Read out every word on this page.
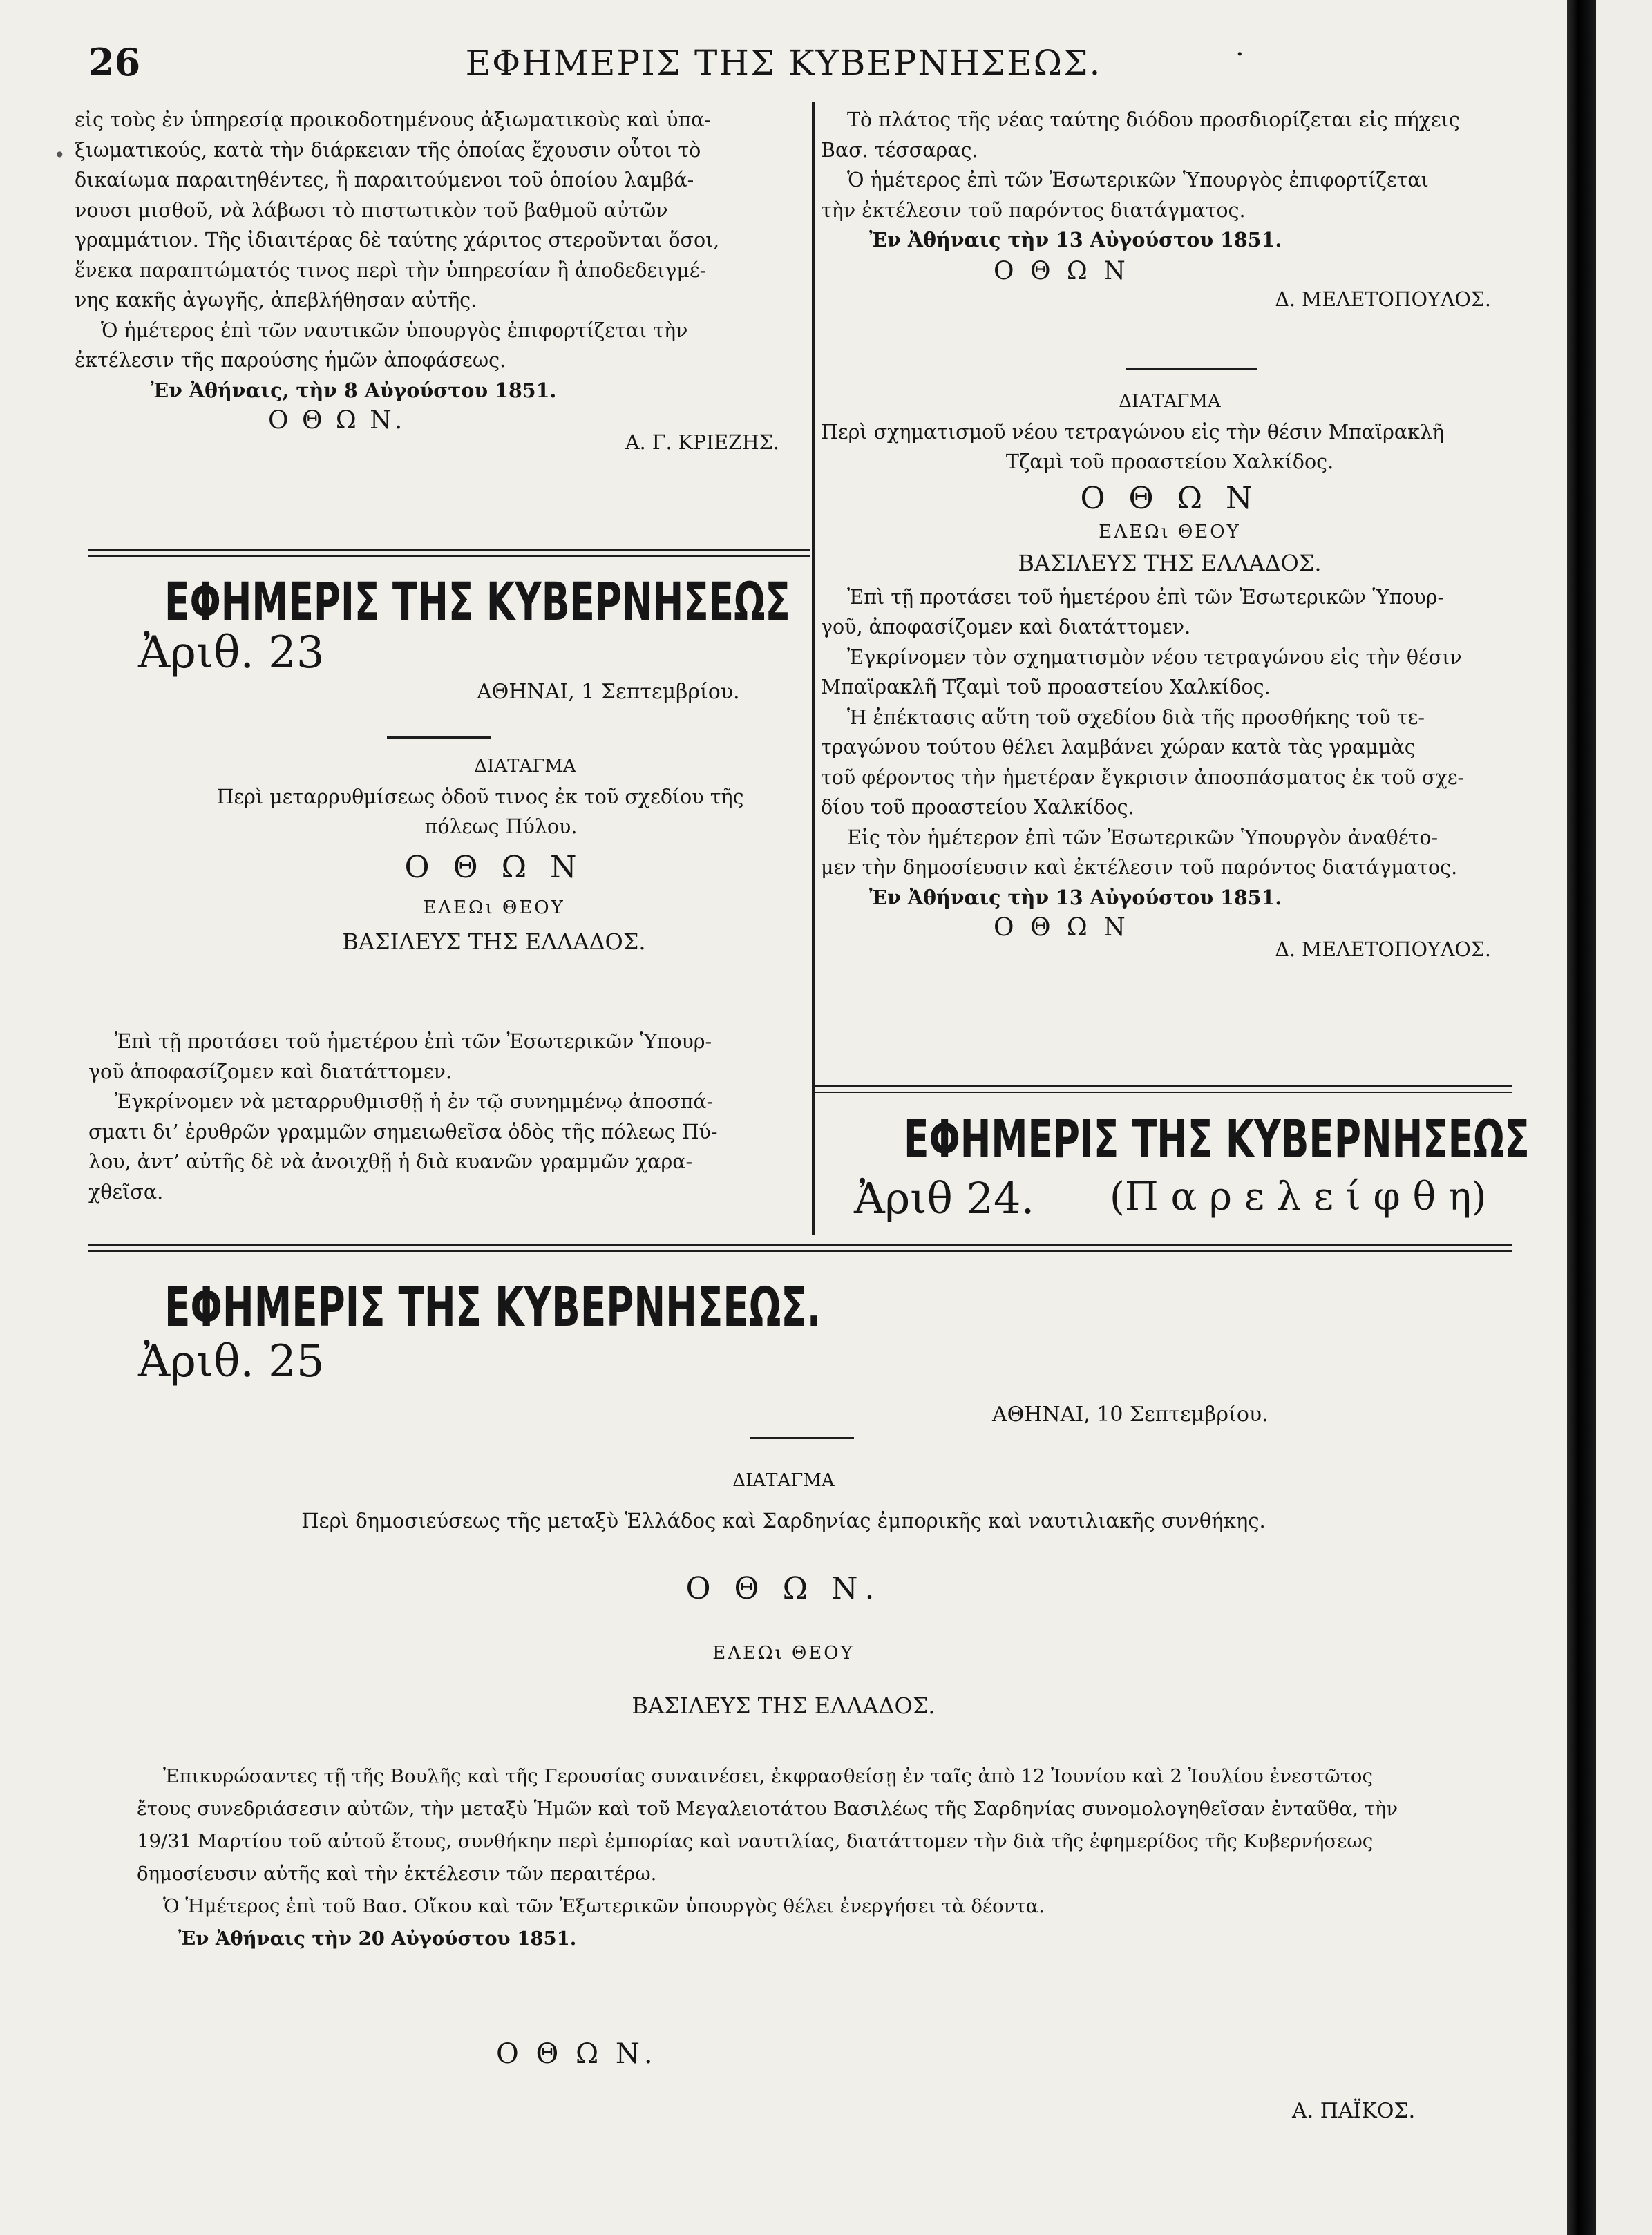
26	ΕΦΗΜΕΡΙΣ ΤΗΣ ΚΥΒΕΡΝΗΣΕΩΣ.	·
•

εἰς τοὺς ἐν ὑπηρεσίᾳ προικοδοτημένους ἀξιωματικοὺς καὶ ὑπα-

ξιωματικούς, κατὰ τὴν διάρκειαν τῆς ὁποίας ἔχουσιν οὗτοι τὸ

δικαίωμα παραιτηθέντες, ἢ παραιτούμενοι τοῦ ὁποίου λαμβά-

νουσι μισθοῦ, νὰ λάβωσι τὸ πιστωτικὸν τοῦ βαθμοῦ αὐτῶν

γραμμάτιον. Τῆς ἰδιαιτέρας δὲ ταύτης χάριτος στεροῦνται ὅσοι,

ἕνεκα παραπτώματός τινος περὶ τὴν ὑπηρεσίαν ἢ ἀποδεδειγμέ-

νης κακῆς ἀγωγῆς, ἀπεβλήθησαν αὐτῆς.

Ὁ ἡμέτερος ἐπὶ τῶν ναυτικῶν ὑπουργὸς ἐπιφορτίζεται τὴν

ἐκτέλεσιν τῆς παρούσης ἡμῶν ἀποφάσεως.

Ἐν Ἀθήναις, τὴν 8 Αὐγούστου 1851.

Ο Θ Ω Ν.

Α. Γ. ΚΡΙΕΖΗΣ.

ΕΦΗΜΕΡΙΣ ΤΗΣ ΚΥΒΕΡΝΗΣΕΩΣ
Ἀριθ. 23
ΑΘΗΝΑΙ, 1 Σεπτεμβρίου.

ΔΙΑΤΑΓΜΑ

Περὶ μεταρρυθμίσεως ὁδοῦ τινος ἐκ τοῦ σχεδίου τῆς

πόλεως Πύλου.

Ο Θ Ω Ν

ΕΛΕΩι ΘΕΟΥ

ΒΑΣΙΛΕΥΣ ΤΗΣ ΕΛΛΑΔΟΣ.

Ἐπὶ τῇ προτάσει τοῦ ἡμετέρου ἐπὶ τῶν Ἐσωτερικῶν Ὑπουρ-

γοῦ ἀποφασίζομεν καὶ διατάττομεν.

Ἐγκρίνομεν νὰ μεταρρυθμισθῇ ἡ ἐν τῷ συνημμένῳ ἀποσπά-

σματι δι’ ἐρυθρῶν γραμμῶν σημειωθεῖσα ὁδὸς τῆς πόλεως Πύ-

λου, ἀντ’ αὐτῆς δὲ νὰ ἀνοιχθῇ ἡ διὰ κυανῶν γραμμῶν χαρα-

χθεῖσα.

Τὸ πλάτος τῆς νέας ταύτης διόδου προσδιορίζεται εἰς πήχεις

Βασ. τέσσαρας.

Ὁ ἡμέτερος ἐπὶ τῶν Ἐσωτερικῶν Ὑπουργὸς ἐπιφορτίζεται

τὴν ἐκτέλεσιν τοῦ παρόντος διατάγματος.

Ἐν Ἀθήναις τὴν 13 Αὐγούστου 1851.

Ο Θ Ω Ν

Δ. ΜΕΛΕΤΟΠΟΥΛΟΣ.

ΔΙΑΤΑΓΜΑ

Περὶ σχηματισμοῦ νέου τετραγώνου εἰς τὴν θέσιν Μπαϊρακλῆ

Τζαμὶ τοῦ προαστείου Χαλκίδος.

Ο Θ Ω Ν

ΕΛΕΩι ΘΕΟΥ

ΒΑΣΙΛΕΥΣ ΤΗΣ ΕΛΛΑΔΟΣ.

Ἐπὶ τῇ προτάσει τοῦ ἡμετέρου ἐπὶ τῶν Ἐσωτερικῶν Ὑπουρ-

γοῦ, ἀποφασίζομεν καὶ διατάττομεν.

Ἐγκρίνομεν τὸν σχηματισμὸν νέου τετραγώνου εἰς τὴν θέσιν

Μπαϊρακλῆ Τζαμὶ τοῦ προαστείου Χαλκίδος.

Ἡ ἐπέκτασις αὕτη τοῦ σχεδίου διὰ τῆς προσθήκης τοῦ τε-

τραγώνου τούτου θέλει λαμβάνει χώραν κατὰ τὰς γραμμὰς

τοῦ φέροντος τὴν ἡμετέραν ἔγκρισιν ἀποσπάσματος ἐκ τοῦ σχε-

δίου τοῦ προαστείου Χαλκίδος.

Εἰς τὸν ἡμέτερον ἐπὶ τῶν Ἐσωτερικῶν Ὑπουργὸν ἀναθέτο-

μεν τὴν δημοσίευσιν καὶ ἐκτέλεσιν τοῦ παρόντος διατάγματος.

Ἐν Ἀθήναις τὴν 13 Αὐγούστου 1851.

Ο Θ Ω Ν

Δ. ΜΕΛΕΤΟΠΟΥΛΟΣ.

ΕΦΗΜΕΡΙΣ ΤΗΣ ΚΥΒΕΡΝΗΣΕΩΣ
Ἀριθ 24. (Π α ρ ε λ ε ί φ θ η)
ΕΦΗΜΕΡΙΣ ΤΗΣ ΚΥΒΕΡΝΗΣΕΩΣ.
Ἀριθ. 25
ΑΘΗΝΑΙ, 10 Σεπτεμβρίου.
ΔΙΑΤΑΓΜΑ
Περὶ δημοσιεύσεως τῆς μεταξὺ Ἑλλάδος καὶ Σαρδηνίας ἐμπορικῆς καὶ ναυτιλιακῆς συνθήκης.
Ο Θ Ω Ν.
ΕΛΕΩι ΘΕΟΥ
ΒΑΣΙΛΕΥΣ ΤΗΣ ΕΛΛΑΔΟΣ.

Ἐπικυρώσαντες τῇ τῆς Βουλῆς καὶ τῆς Γερουσίας συναινέσει, ἐκφρασθείσῃ ἐν ταῖς ἀπὸ 12 Ἰουνίου καὶ 2 Ἰουλίου ἐνεστῶτος

ἔτους συνεδριάσεσιν αὐτῶν, τὴν μεταξὺ Ἡμῶν καὶ τοῦ Μεγαλειοτάτου Βασιλέως τῆς Σαρδηνίας συνομολογηθεῖσαν ἐνταῦθα, τὴν

19/31 Μαρτίου τοῦ αὐτοῦ ἔτους, συνθήκην περὶ ἐμπορίας καὶ ναυτιλίας, διατάττομεν τὴν διὰ τῆς ἐφημερίδος τῆς Κυβερνήσεως

δημοσίευσιν αὐτῆς καὶ τὴν ἐκτέλεσιν τῶν περαιτέρω.

Ὁ Ἡμέτερος ἐπὶ τοῦ Βασ. Οἴκου καὶ τῶν Ἐξωτερικῶν ὑπουργὸς θέλει ἐνεργήσει τὰ δέοντα.

Ἐν Ἀθήναις τὴν 20 Αὐγούστου 1851.

Ο Θ Ω Ν.
Α. ΠΑΪΚΟΣ.
